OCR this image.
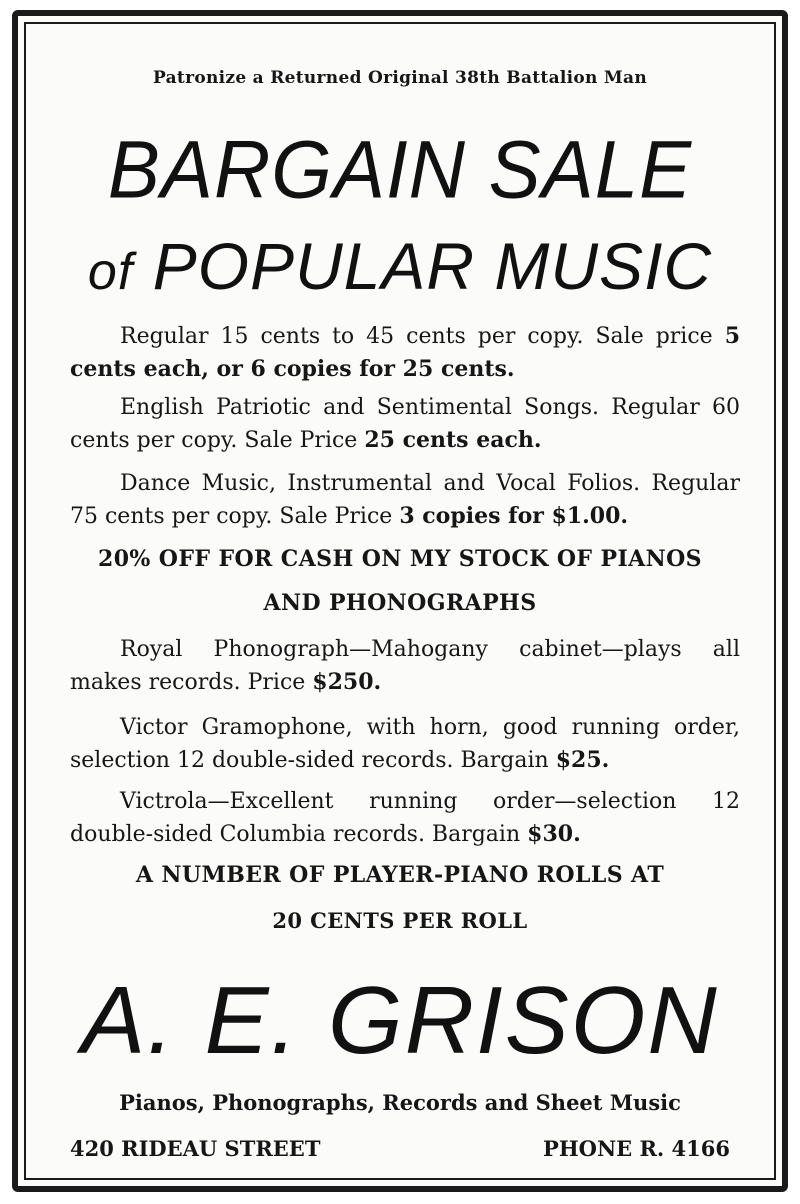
Patronize a Returned Original 38th Battalion Man

BARGAIN SALE
of POPULAR MUSIC

Regular 15 cents to 45 cents per copy. Sale price 5 cents each, or 6 copies for 25 cents.

English Patriotic and Sentimental Songs. Regular 60 cents per copy. Sale Price 25 cents each.

Dance Music, Instrumental and Vocal Folios. Regular 75 cents per copy. Sale Price 3 copies for $1.00.

20% OFF FOR CASH ON MY STOCK OF PIANOS

AND PHONOGRAPHS

Royal Phonograph—Mahogany cabinet—plays all makes records. Price $250.

Victor Gramophone, with horn, good running order, selection 12 double-sided records. Bargain $25.

Victrola—Excellent running order—selection 12 double-sided Columbia records. Bargain $30.

A NUMBER OF PLAYER-PIANO ROLLS AT

20 CENTS PER ROLL

A. E. GRISON

Pianos, Phonographs, Records and Sheet Music

420 RIDEAU STREET	PHONE R. 4166
